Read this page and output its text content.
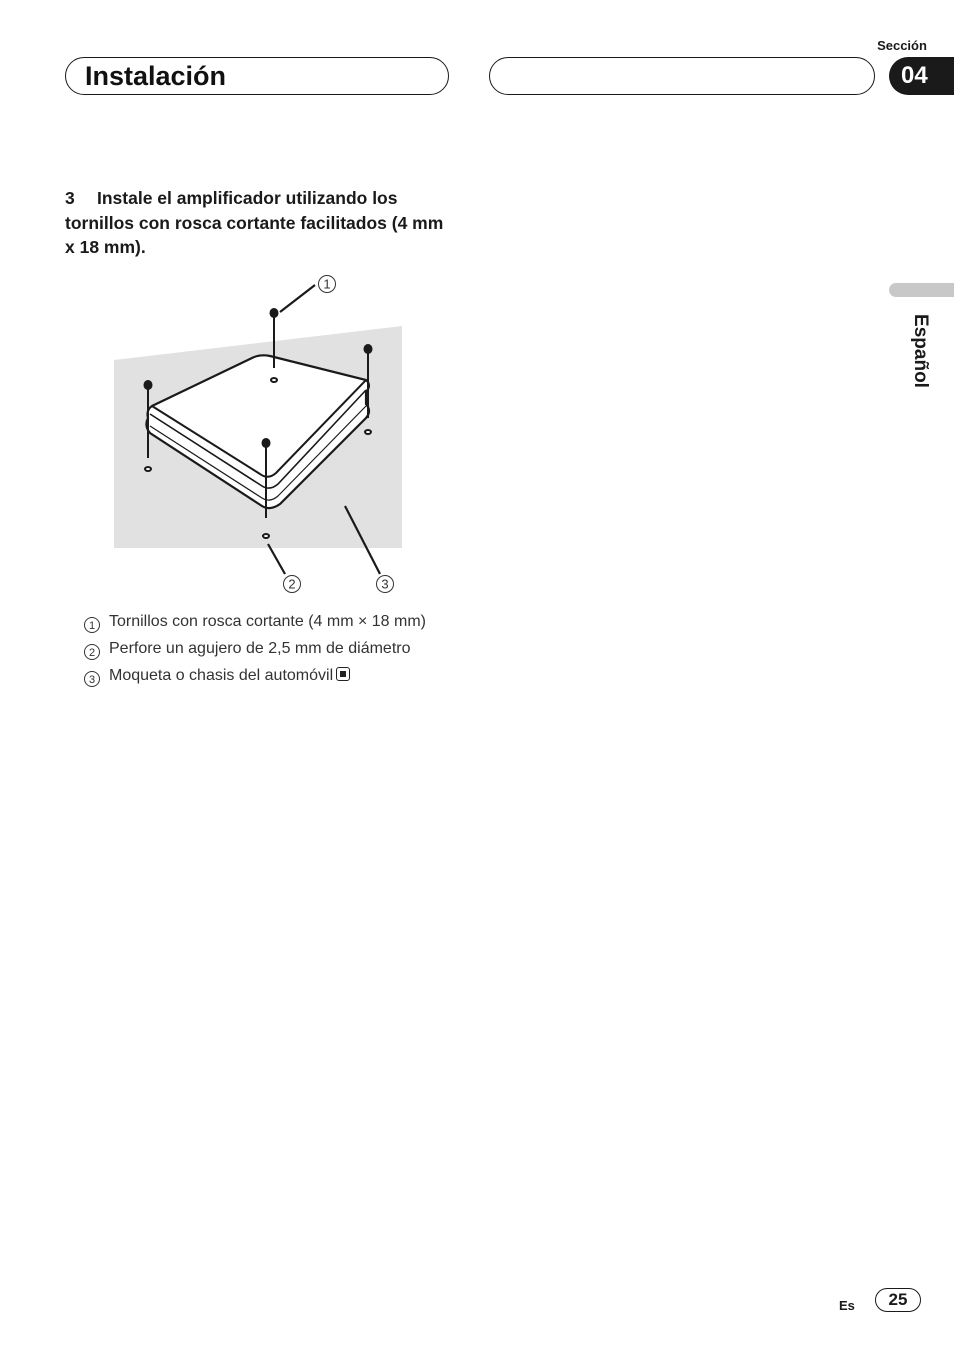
Sección
Instalación	04
Español
3 Instale el amplificador utilizando los tornillos con rosca cortante facilitados (4 mm x 18 mm).
1
2	3
1 Tornillos con rosca cortante (4 mm × 18 mm)
2 Perfore un agujero de 2,5 mm de diámetro
3 Moqueta o chasis del automóvil
Es	25
